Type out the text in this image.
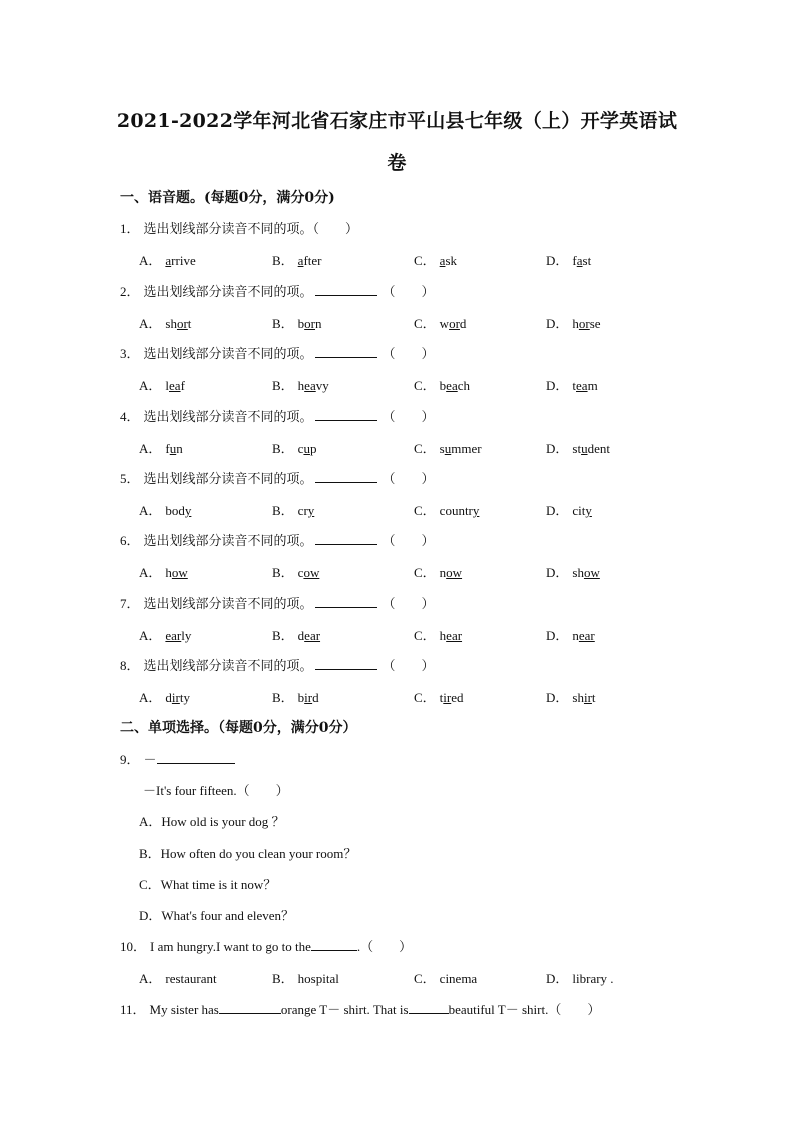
2021-2022学年河北省石家庄市平山县七年级（上）开学英语试
卷
一、语音题。(每题0分，满分0分)
1． 选出划线部分读音不同的项。（　　）
A． arrive	B． after	C． ask	D． fast
2． 选出划线部分读音不同的项。	（　　）
A． short	B． born	C． word	D． horse
3． 选出划线部分读音不同的项。	（　　）
A． leaf	B． heavy	C． beach	D． team
4． 选出划线部分读音不同的项。	（　　）
A． fun	B． cup	C． summer	D． student
5． 选出划线部分读音不同的项。	（　　）
A． body	B． cry	C． country	D． city
6． 选出划线部分读音不同的项。	（　　）
A． how	B． cow	C． now	D． show
7． 选出划线部分读音不同的项。	（　　）
A． early	B． dear	C． hear	D． near
8． 选出划线部分读音不同的项。	（　　）
A． dirty	B． bird	C． tired	D． shirt
二、单项选择。（每题0分，满分0分）
9． －
－It's four fifteen.（　　）
A．How old is your dog ？
B．How often do you clean your room？
C．What time is it now？
D．What's four and eleven？
10． I am hungry.I want to go to the	.（　　）
A． restaurant	B． hospital	C． cinema	D． library .
11． My sister has	orange T－ shirt. That is	beautiful T－ shirt.（　　）
